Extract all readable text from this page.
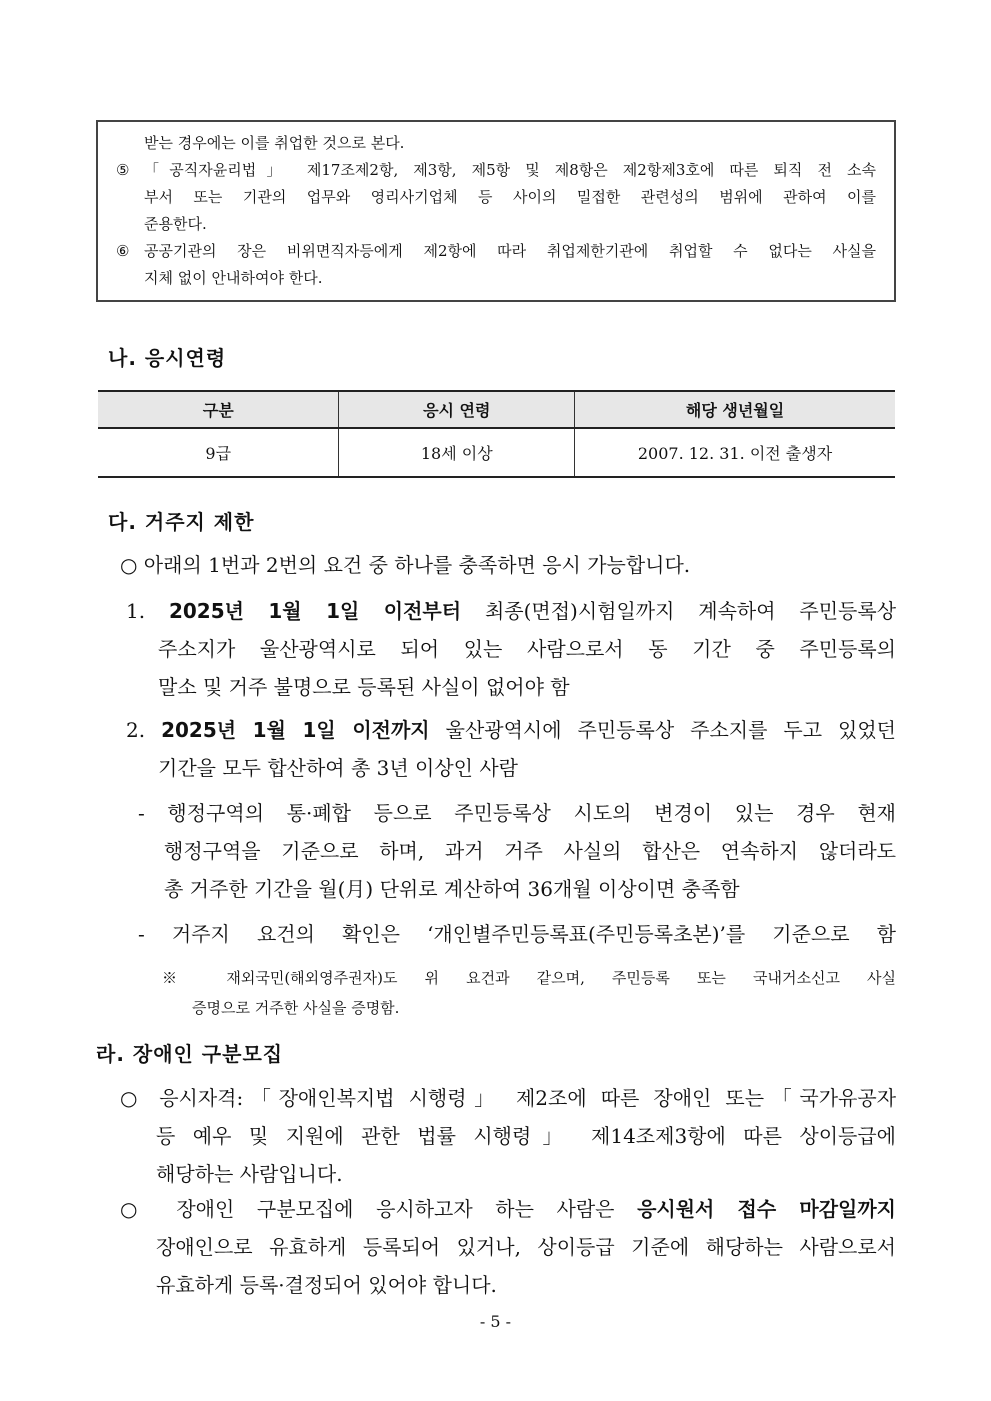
받는 경우에는 이를 취업한 것으로 본다.
⑤ 「공직자윤리법」 제17조제2항, 제3항, 제5항 및 제8항은 제2항제3호에 따른 퇴직 전 소속
부서 또는 기관의 업무와 영리사기업체 등 사이의 밀접한 관련성의 범위에 관하여 이를
준용한다.
⑥ 공공기관의 장은 비위면직자등에게 제2항에 따라 취업제한기관에 취업할 수 없다는 사실을
지체 없이 안내하여야 한다.
나. 응시연령
구분	응시 연령	해당 생년월일
9급	18세 이상	2007. 12. 31. 이전 출생자
다. 거주지 제한
○ 아래의 1번과 2번의 요건 중 하나를 충족하면 응시 가능합니다.
1. 2025년 1월 1일 이전부터 최종(면접)시험일까지 계속하여 주민등록상
주소지가 울산광역시로 되어 있는 사람으로서 동 기간 중 주민등록의
말소 및 거주 불명으로 등록된 사실이 없어야 함
2. 2025년 1월 1일 이전까지 울산광역시에 주민등록상 주소지를 두고 있었던
기간을 모두 합산하여 총 3년 이상인 사람
- 행정구역의 통·폐합 등으로 주민등록상 시도의 변경이 있는 경우 현재
행정구역을 기준으로 하며, 과거 거주 사실의 합산은 연속하지 않더라도
총 거주한 기간을 월(月) 단위로 계산하여 36개월 이상이면 충족함
- 거주지 요건의 확인은 ‘개인별주민등록표(주민등록초본)’를 기준으로 함
※ 재외국민(해외영주권자)도 위 요건과 같으며, 주민등록 또는 국내거소신고 사실
증명으로 거주한 사실을 증명함.
라. 장애인 구분모집
○ 응시자격:「장애인복지법 시행령」 제2조에 따른 장애인 또는「국가유공자
등 예우 및 지원에 관한 법률 시행령」 제14조제3항에 따른 상이등급에
해당하는 사람입니다.
○ 장애인 구분모집에 응시하고자 하는 사람은 응시원서 접수 마감일까지
장애인으로 유효하게 등록되어 있거나, 상이등급 기준에 해당하는 사람으로서
유효하게 등록·결정되어 있어야 합니다.
- 5 -
